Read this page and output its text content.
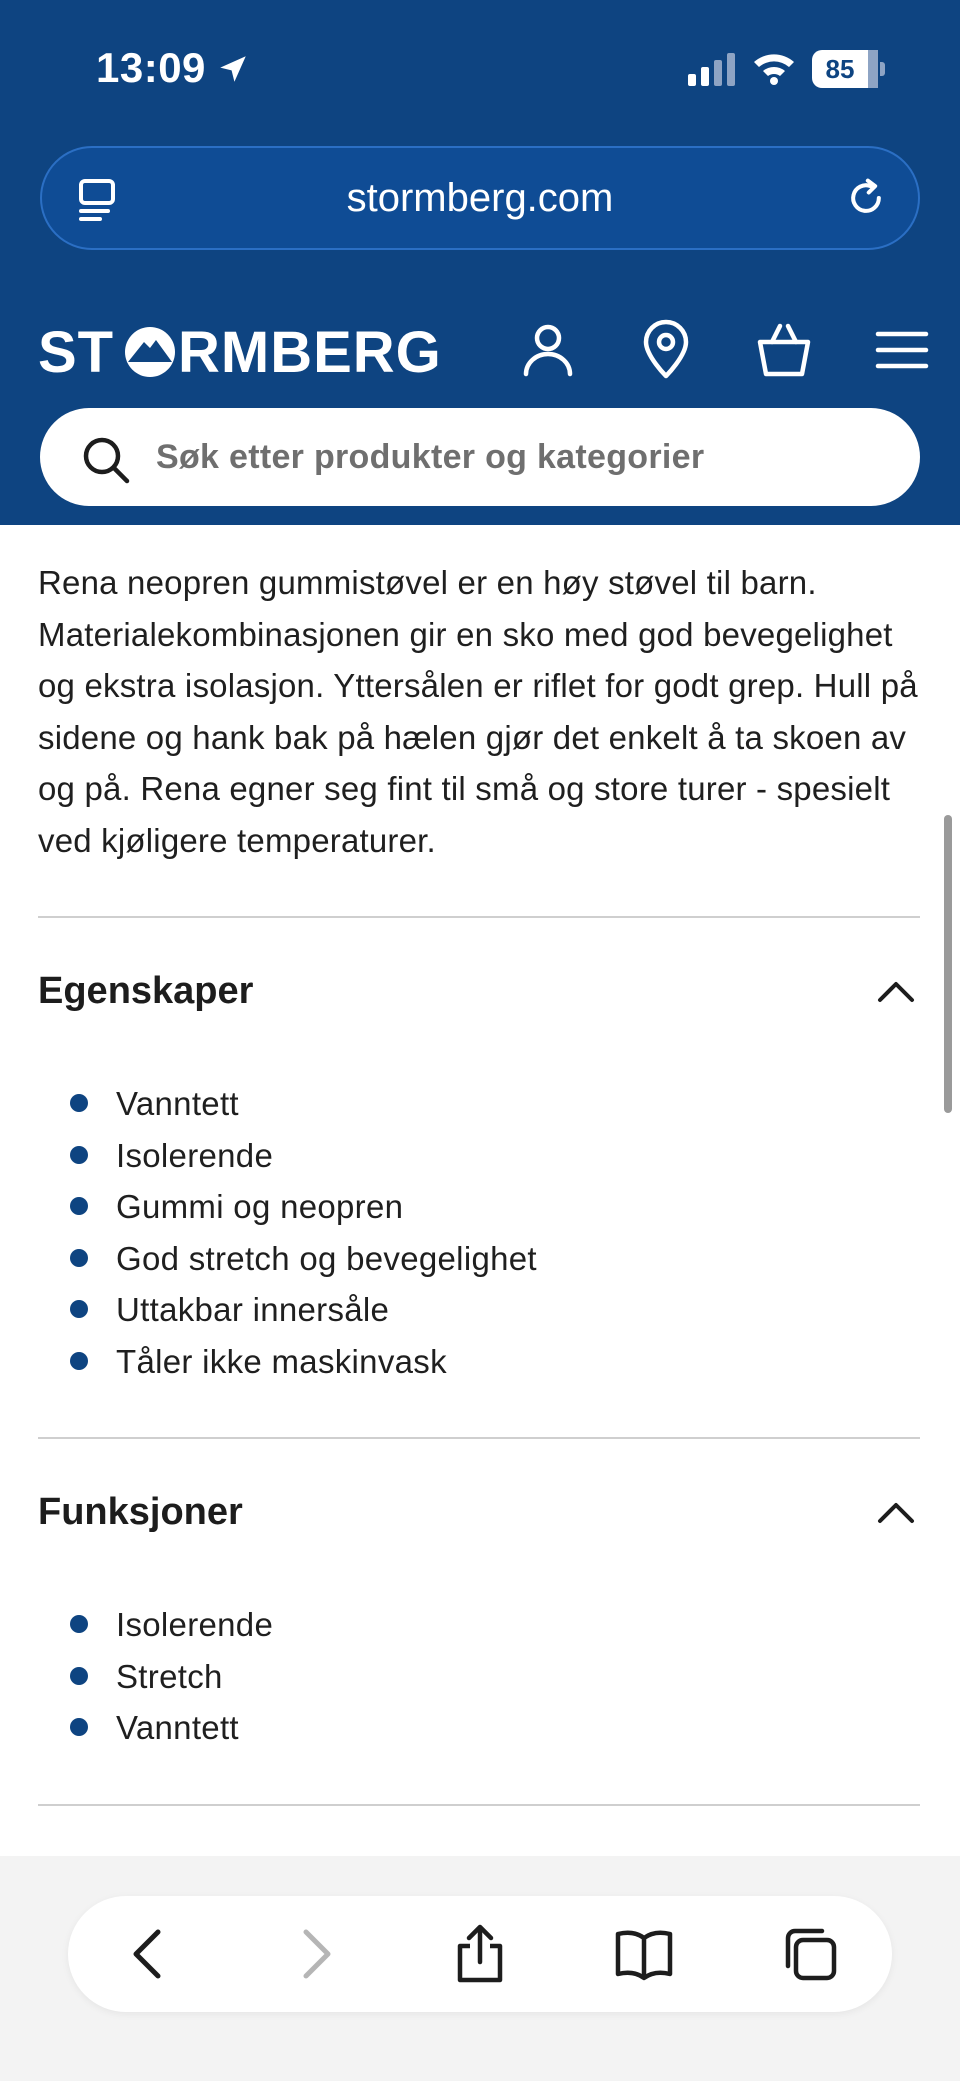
13:09	85
stormberg.com
ST RMBERG
Søk etter produkter og kategorier

Rena neopren gummistøvel er en høy støvel til barn. Materialekombinasjonen gir en sko med god bevegelighet og ekstra isolasjon. Yttersålen er riflet for godt grep. Hull på sidene og hank bak på hælen gjør det enkelt å ta skoen av og på. Rena egner seg fint til små og store turer - spesielt ved kjøligere temperaturer.

Egenskaper
Vanntett
Isolerende
Gummi og neopren
God stretch og bevegelighet
Uttakbar innersåle
Tåler ikke maskinvask
Funksjoner
Isolerende
Stretch
Vanntett
